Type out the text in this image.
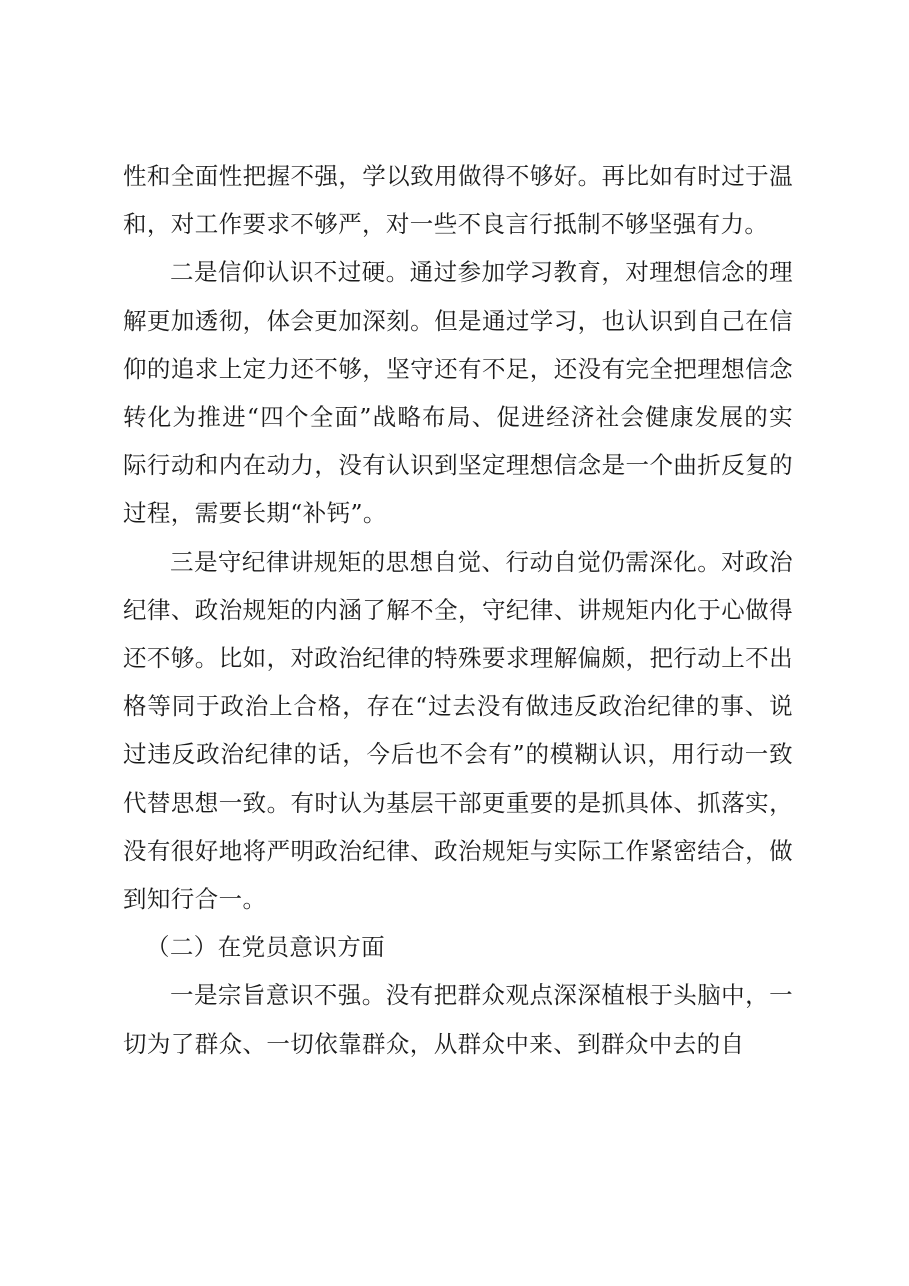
性和全面性把握不强，学以致用做得不够好。再比如有时过于温和，对工作要求不够严，对一些不良言行抵制不够坚强有力。

二是信仰认识不过硬。通过参加学习教育，对理想信念的理解更加透彻，体会更加深刻。但是通过学习，也认识到自己在信仰的追求上定力还不够，坚守还有不足，还没有完全把理想信念转化为推进“四个全面”战略布局、促进经济社会健康发展的实际行动和内在动力，没有认识到坚定理想信念是一个曲折反复的过程，需要长期“补钙”。

三是守纪律讲规矩的思想自觉、行动自觉仍需深化。对政治纪律、政治规矩的内涵了解不全，守纪律、讲规矩内化于心做得还不够。比如，对政治纪律的特殊要求理解偏颇，把行动上不出格等同于政治上合格，存在“过去没有做违反政治纪律的事、说过违反政治纪律的话，今后也不会有”的模糊认识，用行动一致代替思想一致。有时认为基层干部更重要的是抓具体、抓落实，没有很好地将严明政治纪律、政治规矩与实际工作紧密结合，做到知行合一。

（二）在党员意识方面

一是宗旨意识不强。没有把群众观点深深植根于头脑中，一切为了群众、一切依靠群众，从群众中来、到群众中去的自
